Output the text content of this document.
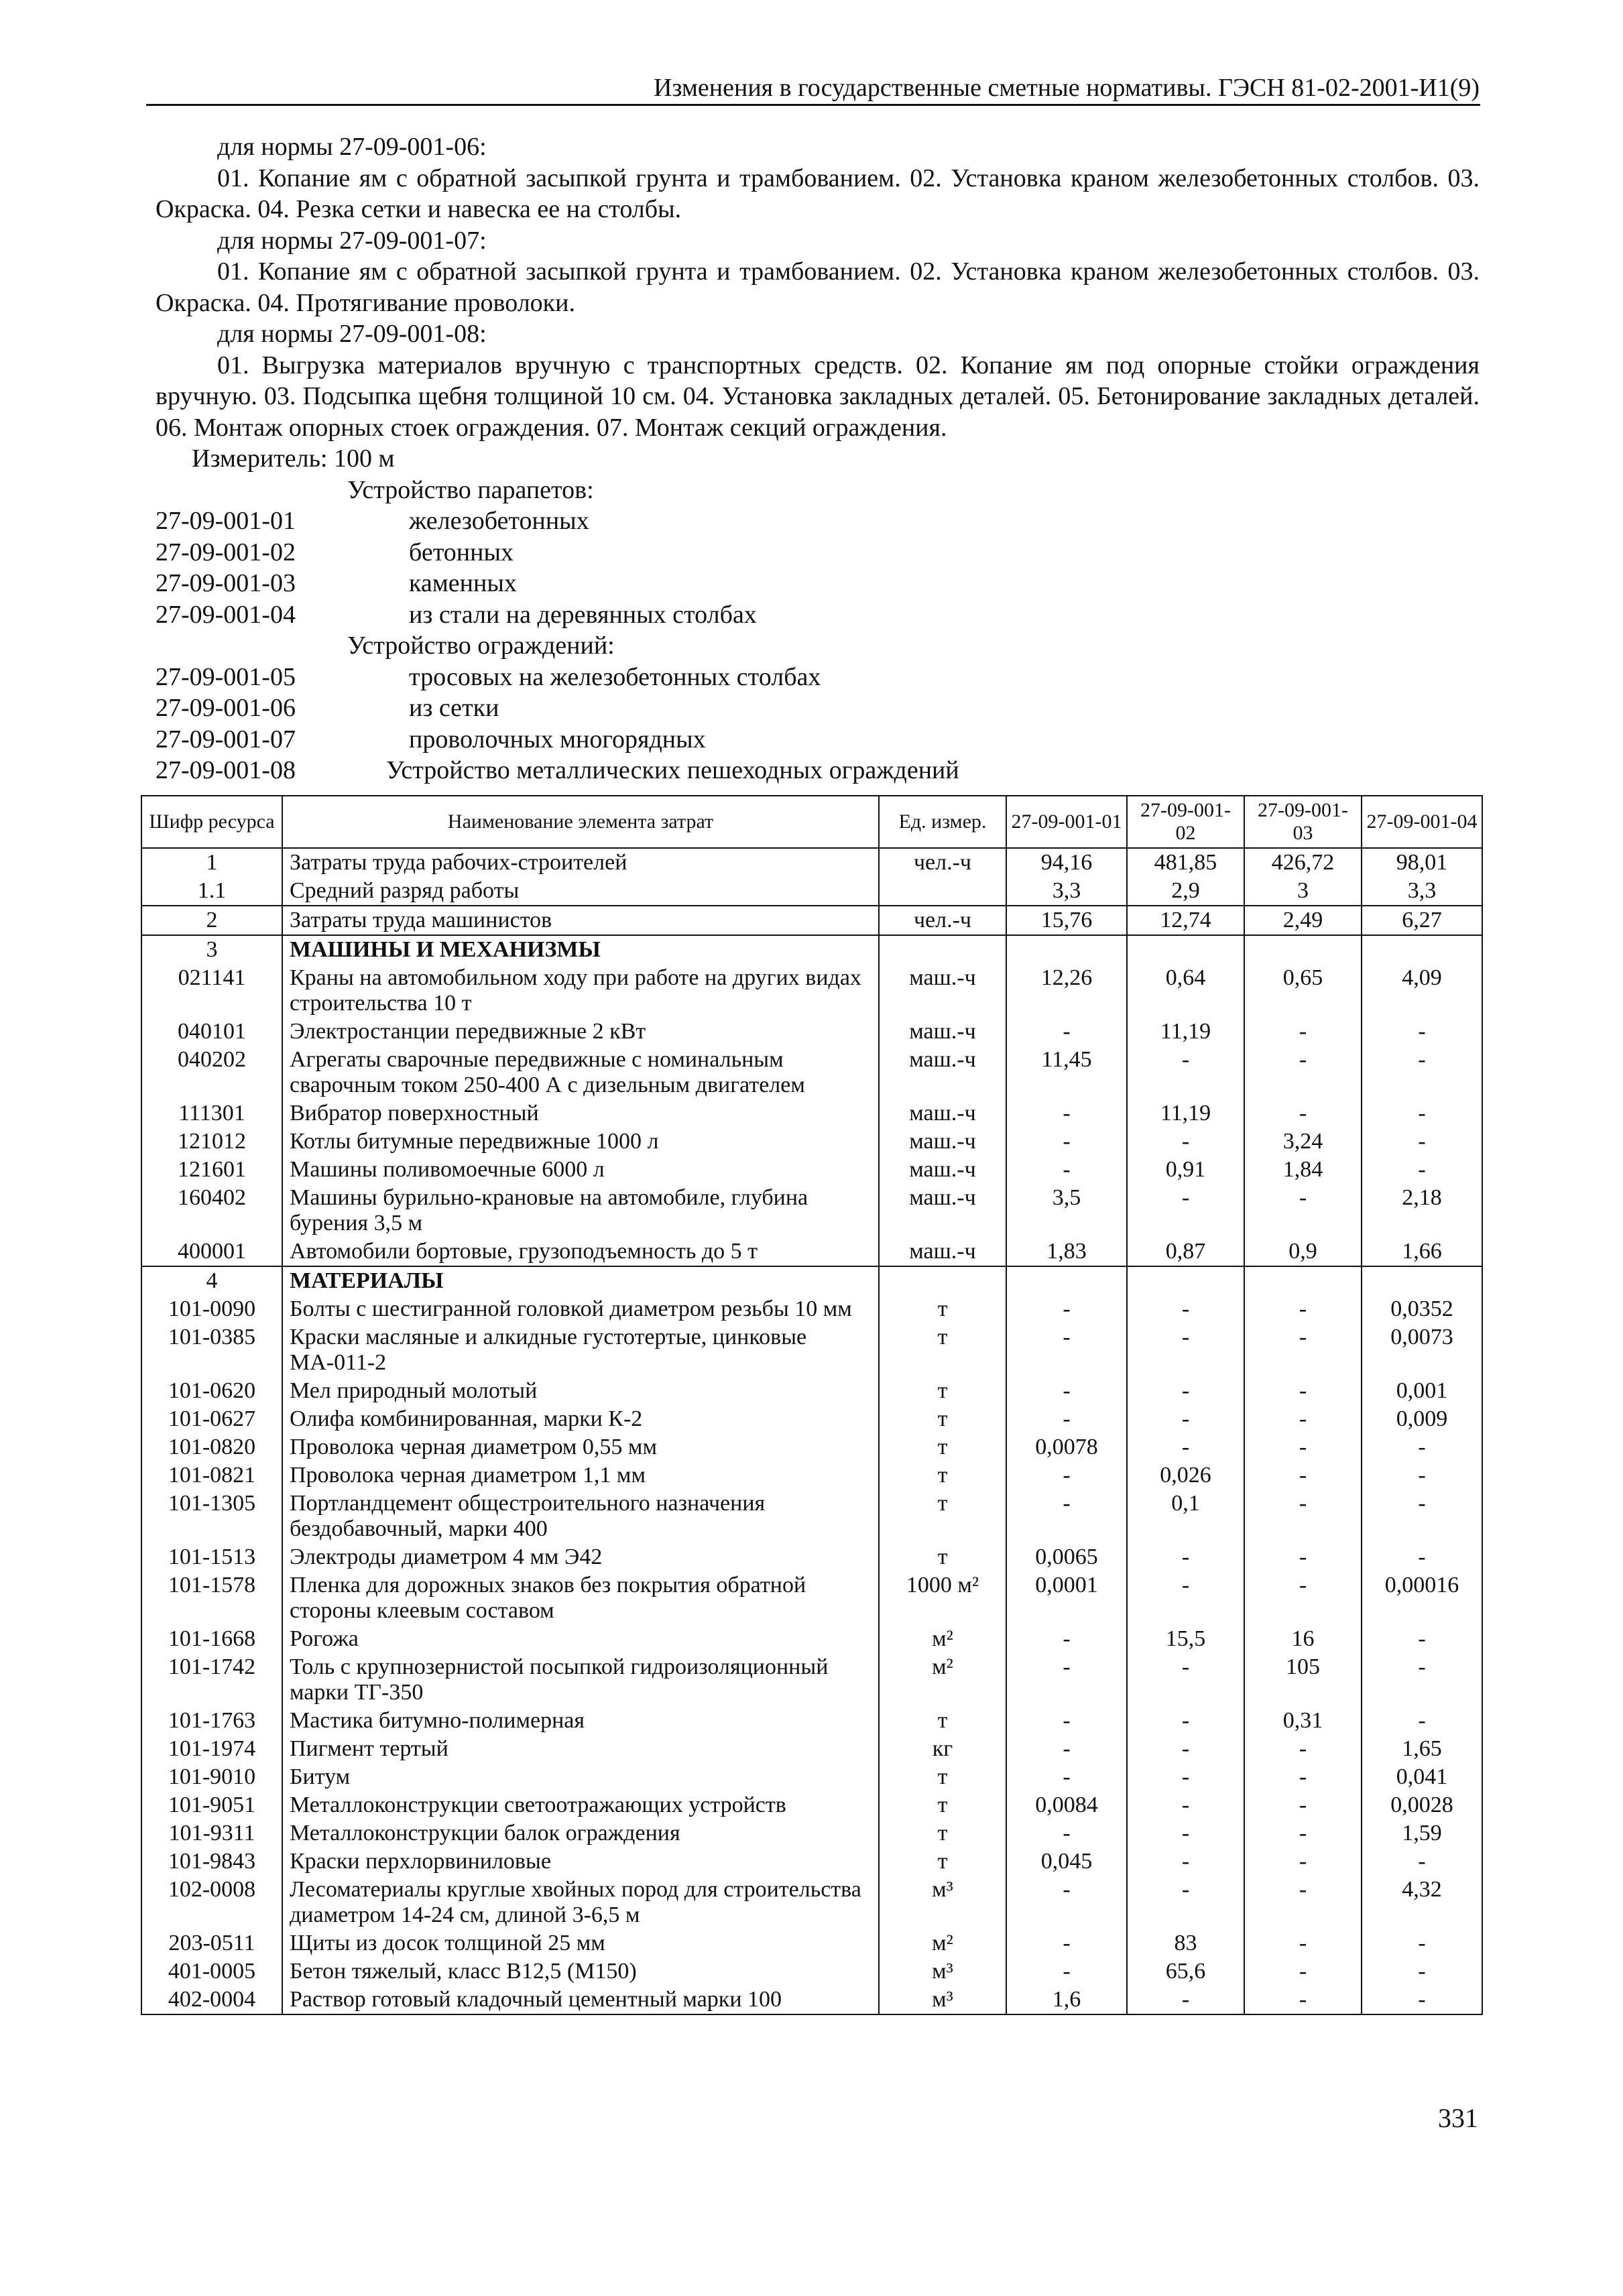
Изменения в государственные сметные нормативы. ГЭСН 81-02-2001-И1(9)

для нормы 27-09-001-06:

01. Копание ям с обратной засыпкой грунта и трамбованием. 02. Установка краном железобетонных столбов. 03. Окраска. 04. Резка сетки и навеска ее на столбы.

для нормы 27-09-001-07:

01. Копание ям с обратной засыпкой грунта и трамбованием. 02. Установка краном железобетонных столбов. 03. Окраска. 04. Протягивание проволоки.

для нормы 27-09-001-08:

01. Выгрузка материалов вручную с транспортных средств. 02. Копание ям под опорные стойки ограждения вручную. 03. Подсыпка щебня толщиной 10 см. 04. Установка закладных деталей. 05. Бетонирование закладных деталей. 06. Монтаж опорных стоек ограждения. 07. Монтаж секций ограждения.

Измеритель: 100 м

Устройство парапетов:
27-09-001-01	железобетонных
27-09-001-02	бетонных
27-09-001-03	каменных
27-09-001-04	из стали на деревянных столбах
Устройство ограждений:
27-09-001-05	тросовых на железобетонных столбах
27-09-001-06	из сетки
27-09-001-07	проволочных многорядных
27-09-001-08	Устройство металлических пешеходных ограждений
Шифр ресурса	Наименование элемента затрат	Ед. измер.	27-09-001-01	27-09-001-02	27-09-001-03	27-09-001-04
1	Затраты труда рабочих-строителей	чел.-ч	94,16	481,85	426,72	98,01
1.1	Средний разряд работы		3,3	2,9	3	3,3
2	Затраты труда машинистов	чел.-ч	15,76	12,74	2,49	6,27
3	МАШИНЫ И МЕХАНИЗМЫ					
021141	Краны на автомобильном ходу при работе на других видах строительства 10 т	маш.-ч	12,26	0,64	0,65	4,09
040101	Электростанции передвижные 2 кВт	маш.-ч	-	11,19	-	-
040202	Агрегаты сварочные передвижные с номинальным сварочным током 250-400 А с дизельным двигателем	маш.-ч	11,45	-	-	-
111301	Вибратор поверхностный	маш.-ч	-	11,19	-	-
121012	Котлы битумные передвижные 1000 л	маш.-ч	-	-	3,24	-
121601	Машины поливомоечные 6000 л	маш.-ч	-	0,91	1,84	-
160402	Машины бурильно-крановые на автомобиле, глубина бурения 3,5 м	маш.-ч	3,5	-	-	2,18
400001	Автомобили бортовые, грузоподъемность до 5 т	маш.-ч	1,83	0,87	0,9	1,66
4	МАТЕРИАЛЫ					
101-0090	Болты с шестигранной головкой диаметром резьбы 10 мм	т	-	-	-	0,0352
101-0385	Краски масляные и алкидные густотертые, цинковые МА-011-2	т	-	-	-	0,0073
101-0620	Мел природный молотый	т	-	-	-	0,001
101-0627	Олифа комбинированная, марки К-2	т	-	-	-	0,009
101-0820	Проволока черная диаметром 0,55 мм	т	0,0078	-	-	-
101-0821	Проволока черная диаметром 1,1 мм	т	-	0,026	-	-
101-1305	Портландцемент общестроительного назначения бездобавочный, марки 400	т	-	0,1	-	-
101-1513	Электроды диаметром 4 мм Э42	т	0,0065	-	-	-
101-1578	Пленка для дорожных знаков без покрытия обратной стороны клеевым составом	1000 м²	0,0001	-	-	0,00016
101-1668	Рогожа	м²	-	15,5	16	-
101-1742	Толь с крупнозернистой посыпкой гидроизоляционный марки ТГ-350	м²	-	-	105	-
101-1763	Мастика битумно-полимерная	т	-	-	0,31	-
101-1974	Пигмент тертый	кг	-	-	-	1,65
101-9010	Битум	т	-	-	-	0,041
101-9051	Металлоконструкции светоотражающих устройств	т	0,0084	-	-	0,0028
101-9311	Металлоконструкции балок ограждения	т	-	-	-	1,59
101-9843	Краски перхлорвиниловые	т	0,045	-	-	-
102-0008	Лесоматериалы круглые хвойных пород для строительства диаметром 14-24 см, длиной 3-6,5 м	м³	-	-	-	4,32
203-0511	Щиты из досок толщиной 25 мм	м²	-	83	-	-
401-0005	Бетон тяжелый, класс В12,5 (М150)	м³	-	65,6	-	-
402-0004	Раствор готовый кладочный цементный марки 100	м³	1,6	-	-	-
331
